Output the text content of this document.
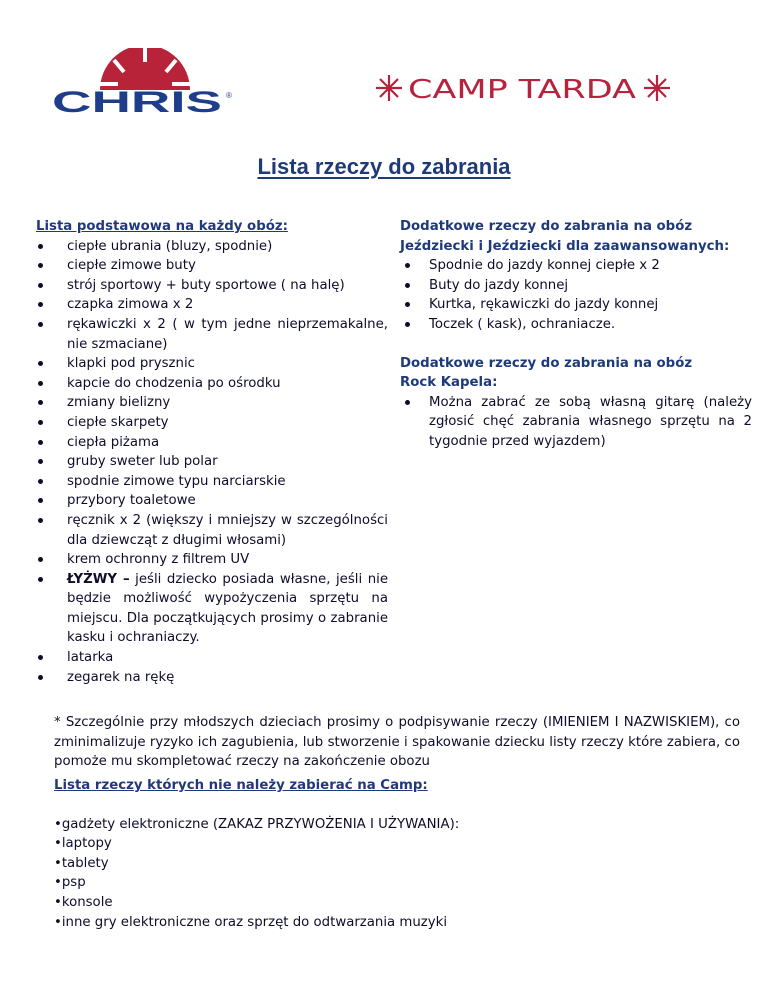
CHRIS ®	CAMP TARDA
Lista rzeczy do zabrania
Lista podstawowa na każdy obóz:
ciepłe ubrania (bluzy, spodnie)
ciepłe zimowe buty
strój sportowy + buty sportowe ( na halę)
czapka zimowa x 2
rękawiczki x 2 ( w tym jedne nieprzemakalne, nie szmaciane)
klapki pod prysznic
kapcie do chodzenia po ośrodku
zmiany bielizny
ciepłe skarpety
ciepła piżama
gruby sweter lub polar
spodnie zimowe typu narciarskie
przybory toaletowe
ręcznik x 2 (większy i mniejszy w szczególności dla dziewcząt z długimi włosami)
krem ochronny z filtrem UV
ŁYŻWY – jeśli dziecko posiada własne, jeśli nie będzie możliwość wypożyczenia sprzętu na miejscu. Dla początkujących prosimy o zabranie kasku i ochraniaczy.
latarka
zegarek na rękę
Dodatkowe rzeczy do zabrania na obóz
Jeździecki i Jeździecki dla zaawansowanych:
Spodnie do jazdy konnej ciepłe x 2
Buty do jazdy konnej
Kurtka, rękawiczki do jazdy konnej
Toczek ( kask), ochraniacze.
Dodatkowe rzeczy do zabrania na obóz
Rock Kapela:
Można zabrać ze sobą własną gitarę (należy zgłosić chęć zabrania własnego sprzętu na 2 tygodnie przed wyjazdem)
* Szczególnie przy młodszych dzieciach prosimy o podpisywanie rzeczy (IMIENIEM I NAZWISKIEM), co zminimalizuje ryzyko ich zagubienia, lub stworzenie i spakowanie dziecku listy rzeczy które zabiera, co pomoże mu skompletować rzeczy na zakończenie obozu
Lista rzeczy których nie należy zabierać na Camp:
•gadżety elektroniczne (ZAKAZ PRZYWOŻENIA I UŻYWANIA):
•laptopy
•tablety
•psp
•konsole
•inne gry elektroniczne oraz sprzęt do odtwarzania muzyki
